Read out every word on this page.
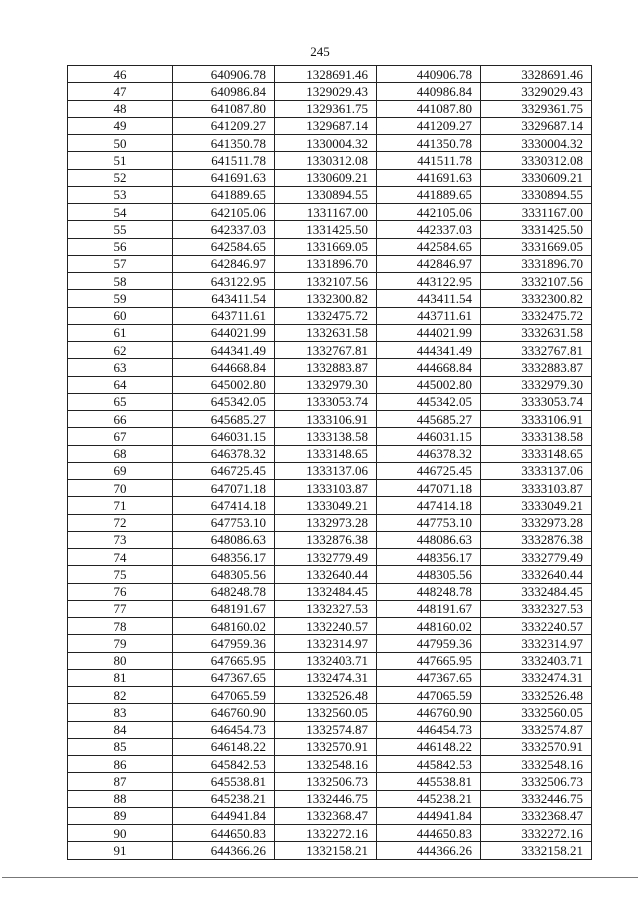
245
46	640906.78	1328691.46	440906.78	3328691.46
47	640986.84	1329029.43	440986.84	3329029.43
48	641087.80	1329361.75	441087.80	3329361.75
49	641209.27	1329687.14	441209.27	3329687.14
50	641350.78	1330004.32	441350.78	3330004.32
51	641511.78	1330312.08	441511.78	3330312.08
52	641691.63	1330609.21	441691.63	3330609.21
53	641889.65	1330894.55	441889.65	3330894.55
54	642105.06	1331167.00	442105.06	3331167.00
55	642337.03	1331425.50	442337.03	3331425.50
56	642584.65	1331669.05	442584.65	3331669.05
57	642846.97	1331896.70	442846.97	3331896.70
58	643122.95	1332107.56	443122.95	3332107.56
59	643411.54	1332300.82	443411.54	3332300.82
60	643711.61	1332475.72	443711.61	3332475.72
61	644021.99	1332631.58	444021.99	3332631.58
62	644341.49	1332767.81	444341.49	3332767.81
63	644668.84	1332883.87	444668.84	3332883.87
64	645002.80	1332979.30	445002.80	3332979.30
65	645342.05	1333053.74	445342.05	3333053.74
66	645685.27	1333106.91	445685.27	3333106.91
67	646031.15	1333138.58	446031.15	3333138.58
68	646378.32	1333148.65	446378.32	3333148.65
69	646725.45	1333137.06	446725.45	3333137.06
70	647071.18	1333103.87	447071.18	3333103.87
71	647414.18	1333049.21	447414.18	3333049.21
72	647753.10	1332973.28	447753.10	3332973.28
73	648086.63	1332876.38	448086.63	3332876.38
74	648356.17	1332779.49	448356.17	3332779.49
75	648305.56	1332640.44	448305.56	3332640.44
76	648248.78	1332484.45	448248.78	3332484.45
77	648191.67	1332327.53	448191.67	3332327.53
78	648160.02	1332240.57	448160.02	3332240.57
79	647959.36	1332314.97	447959.36	3332314.97
80	647665.95	1332403.71	447665.95	3332403.71
81	647367.65	1332474.31	447367.65	3332474.31
82	647065.59	1332526.48	447065.59	3332526.48
83	646760.90	1332560.05	446760.90	3332560.05
84	646454.73	1332574.87	446454.73	3332574.87
85	646148.22	1332570.91	446148.22	3332570.91
86	645842.53	1332548.16	445842.53	3332548.16
87	645538.81	1332506.73	445538.81	3332506.73
88	645238.21	1332446.75	445238.21	3332446.75
89	644941.84	1332368.47	444941.84	3332368.47
90	644650.83	1332272.16	444650.83	3332272.16
91	644366.26	1332158.21	444366.26	3332158.21
